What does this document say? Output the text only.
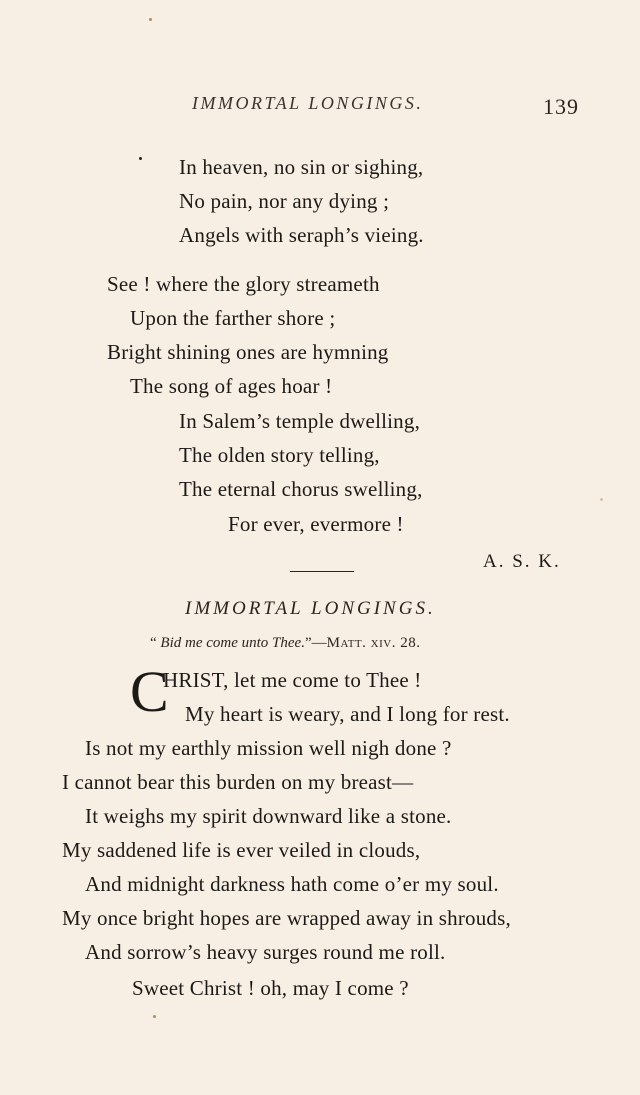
IMMORTAL LONGINGS.	139
In heaven, no sin or sighing,
No pain, nor any dying ;
Angels with seraph’s vieing.
See ! where the glory streameth
Upon the farther shore ;
Bright shining ones are hymning
The song of ages hoar !
In Salem’s temple dwelling,
The olden story telling,
The eternal chorus swelling,
For ever, evermore !
A. S. K.
IMMORTAL LONGINGS.
“ Bid me come unto Thee.”—Matt. xiv. 28.
C
HRIST, let me come to Thee !
My heart is weary, and I long for rest.
Is not my earthly mission well nigh done ?
I cannot bear this burden on my breast—
It weighs my spirit downward like a stone.
My saddened life is ever veiled in clouds,
And midnight darkness hath come o’er my soul.
My once bright hopes are wrapped away in shrouds,
And sorrow’s heavy surges round me roll.
Sweet Christ ! oh, may I come ?
